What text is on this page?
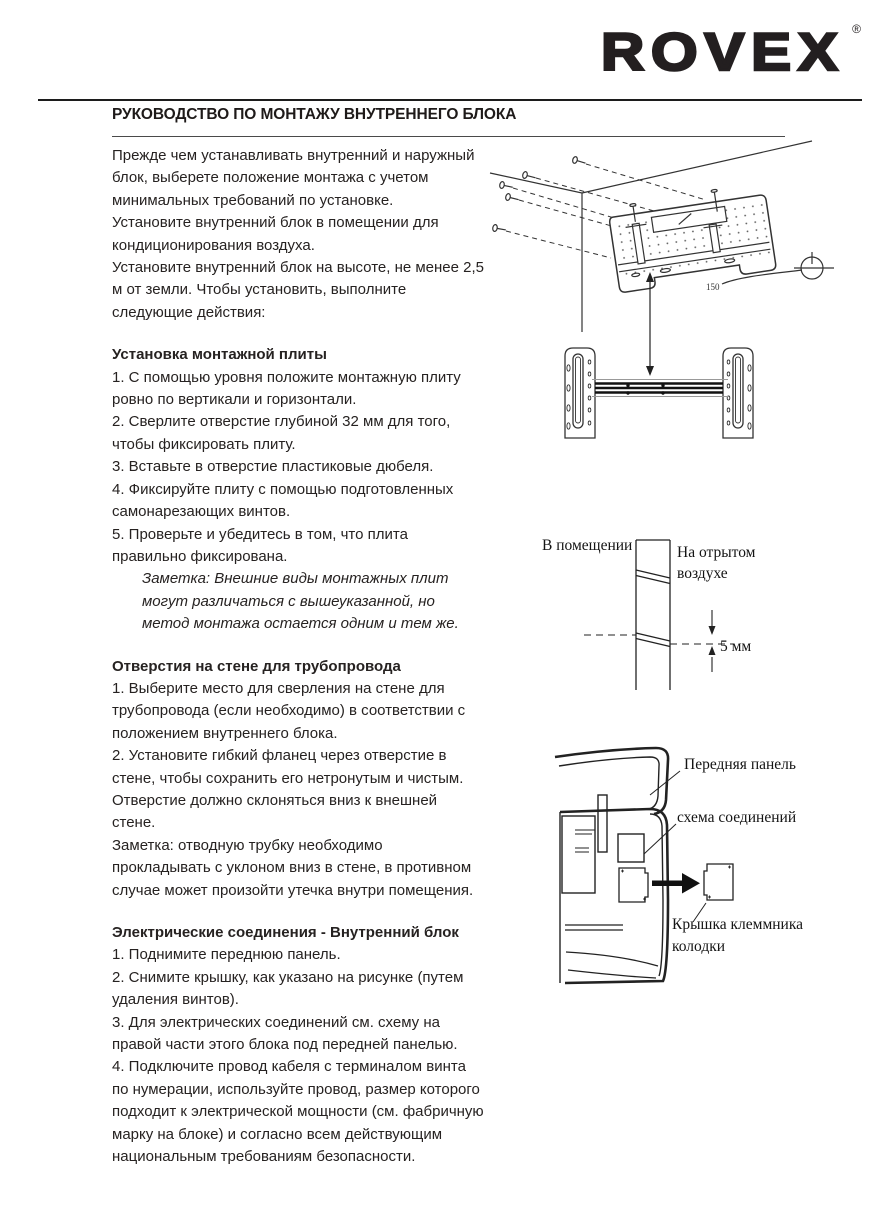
ROVEX ®
РУКОВОДСТВО ПО МОНТАЖУ ВНУТРЕННЕГО БЛОКА

Прежде чем устанавливать внутренний и наружный блок, выберете положение монтажа с учетом минимальных требований по установке.

Установите внутренний блок в помещении для кондиционирования воздуха.

Установите внутренний блок на высоте, не менее 2,5 м от земли. Чтобы установить, выполните следующие действия:

Установка монтажной плиты

1. С помощью уровня положите монтажную плиту ровно по вертикали и горизонтали.

2. Сверлите отверстие глубиной 32 мм для того, чтобы фиксировать плиту.

3. Вставьте в отверстие пластиковые дюбеля.

4. Фиксируйте плиту с помощью подготовленных самонарезающих винтов.

5. Проверьте и убедитесь в том, что плита правильно фиксирована.

Заметка: Внешние виды монтажных плит могут различаться с вышеуказанной, но метод монтажа остается одним и тем же.

Отверстия на стене для трубопровода

1. Выберите место для сверления на стене для трубопровода (если необходимо) в соответствии с положением внутреннего блока.

2. Установите гибкий фланец через отверстие в стене, чтобы сохранить его нетронутым и чистым.

Отверстие должно склоняться вниз к внешней стене.

Заметка: отводную трубку необходимо прокладывать с уклоном вниз в стене, в противном случае может произойти утечка внутри помещения.

Электрические соединения - Внутренний блок

1. Поднимите переднюю панель.

2. Снимите крышку, как указано на рисунке (путем удаления винтов).

3. Для электрических соединений см. схему на правой части этого блока под передней панелью.

4. Подключите провод кабеля с терминалом винта по нумерации, используйте провод, размер которого подходит к электрической мощности (см. фабричную марку на блоке) и согласно всем действующим национальным требованиям безопасности.

150
В помещении	На отрытом
воздухе
5 мм
Передняя панель
схема соединений
Крышка клеммника
колодки
